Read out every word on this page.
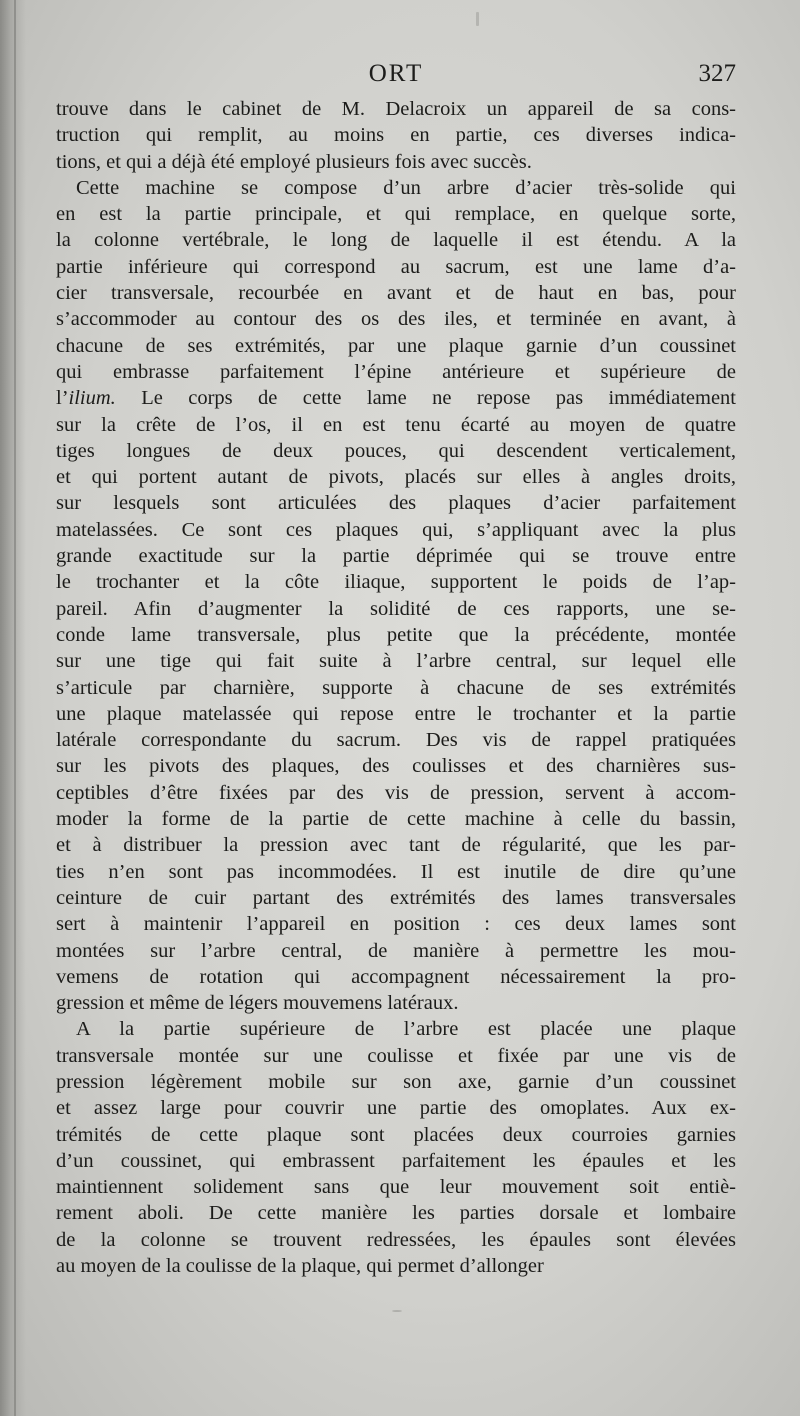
ORT	327
trouve dans le cabinet de M. Delacroix un appareil de sa cons-
truction qui remplit, au moins en partie, ces diverses indica-
tions, et qui a déjà été employé plusieurs fois avec succès.
Cette machine se compose d’un arbre d’acier très-solide qui
en est la partie principale, et qui remplace, en quelque sorte,
la colonne vertébrale, le long de laquelle il est étendu. A la
partie inférieure qui correspond au sacrum, est une lame d’a-
cier transversale, recourbée en avant et de haut en bas, pour
s’accommoder au contour des os des iles, et terminée en avant, à
chacune de ses extrémités, par une plaque garnie d’un coussinet
qui embrasse parfaitement l’épine antérieure et supérieure de
l’ilium. Le corps de cette lame ne repose pas immédiatement
sur la crête de l’os, il en est tenu écarté au moyen de quatre
tiges longues de deux pouces, qui descendent verticalement,
et qui portent autant de pivots, placés sur elles à angles droits,
sur lesquels sont articulées des plaques d’acier parfaitement
matelassées. Ce sont ces plaques qui, s’appliquant avec la plus
grande exactitude sur la partie déprimée qui se trouve entre
le trochanter et la côte iliaque, supportent le poids de l’ap-
pareil. Afin d’augmenter la solidité de ces rapports, une se-
conde lame transversale, plus petite que la précédente, montée
sur une tige qui fait suite à l’arbre central, sur lequel elle
s’articule par charnière, supporte à chacune de ses extrémités
une plaque matelassée qui repose entre le trochanter et la partie
latérale correspondante du sacrum. Des vis de rappel pratiquées
sur les pivots des plaques, des coulisses et des charnières sus-
ceptibles d’être fixées par des vis de pression, servent à accom-
moder la forme de la partie de cette machine à celle du bassin,
et à distribuer la pression avec tant de régularité, que les par-
ties n’en sont pas incommodées. Il est inutile de dire qu’une
ceinture de cuir partant des extrémités des lames transversales
sert à maintenir l’appareil en position : ces deux lames sont
montées sur l’arbre central, de manière à permettre les mou-
vemens de rotation qui accompagnent nécessairement la pro-
gression et même de légers mouvemens latéraux.
A la partie supérieure de l’arbre est placée une plaque
transversale montée sur une coulisse et fixée par une vis de
pression légèrement mobile sur son axe, garnie d’un coussinet
et assez large pour couvrir une partie des omoplates. Aux ex-
trémités de cette plaque sont placées deux courroies garnies
d’un coussinet, qui embrassent parfaitement les épaules et les
maintiennent solidement sans que leur mouvement soit entiè-
rement aboli. De cette manière les parties dorsale et lombaire
de la colonne se trouvent redressées, les épaules sont élevées
au moyen de la coulisse de la plaque, qui permet d’allonger
